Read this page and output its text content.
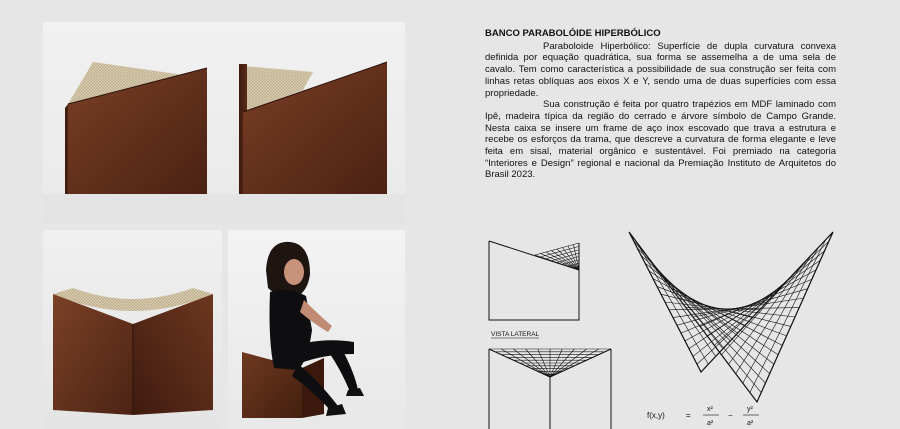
BANCO PARABOLÓIDE HIPERBÓLICO

Paraboloide Hiperbólico: Superfície de dupla curvatura convexa definida por equação quadrática, sua forma se assemelha a de uma sela de cavalo. Tem como característica a possibilidade de sua construção ser feita com linhas retas oblíquas aos eixos X e Y, sendo uma de duas superfícies com essa propriedade.

Sua construção é feita por quatro trapézios em MDF laminado com Ipê, madeira típica da região do cerrado e árvore símbolo de Campo Grande. Nesta caixa se insere um frame de aço inox escovado que trava a estrutura e recebe os esforços da trama, que descreve a curvatura de forma elegante e leve feita em sisal, material orgânico e sustentável. Foi premiado na categoria “Interiores e Design” regional e nacional da Premiação Instituto de Arquitetos do Brasil 2023.

VISTA LATERAL
f(x,y)	=
x²
a²
−
y²
a²
